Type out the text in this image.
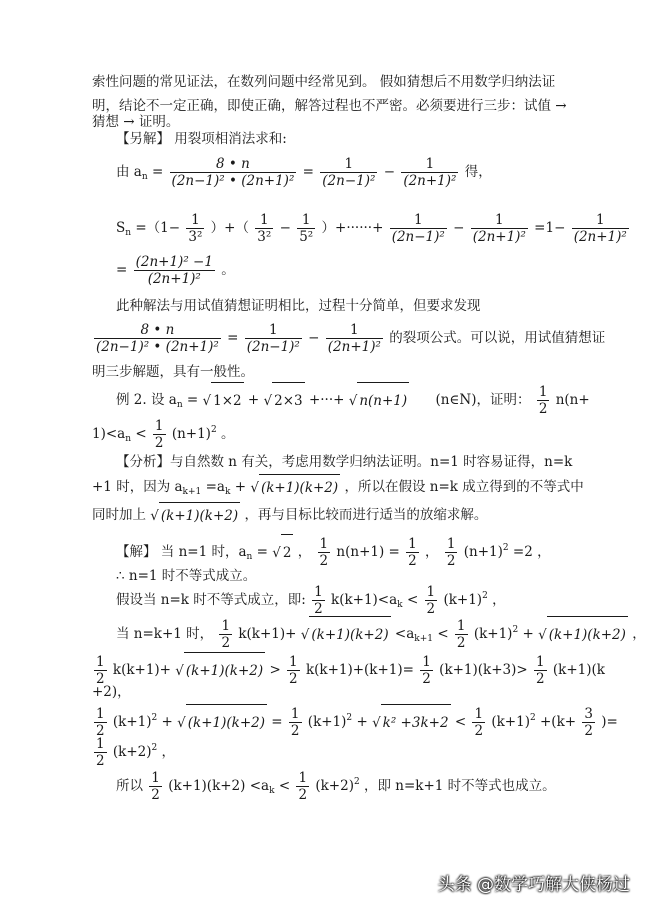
索性问题的常见证法，在数列问题中经常见到。 假如猜想后不用数学归纳法证
明，结论不一定正确，即使正确，解答过程也不严密。必须要进行三步：试值 →
猜想 → 证明。
【另解】 用裂项相消法求和:
由 $a_n = \frac{8 • n}{\text{(2n−1)² • (2n+1)²}} = \frac{1}{\text{(2n−1)²}} - \frac{1}{\text{(2n+1)²}}$ 得，
$S_n =(1- \frac{1}{\text{3²}}$ ）+（ $\frac{1}{\text{3²}} - \frac{1}{\text{5²}}$ ）+······+ $\frac{1}{\text{(2n−1)²}} - \frac{1}{\text{(2n+1)²}} =1- \frac{1}{\text{(2n+1)²}}$
= $\frac{\text{(2n+1)² −1}}{\text{(2n+1)²}}$ 。
此种解法与用试值猜想证明相比，过程十分简单，但要求发现
$\frac{8 • n}{\text{(2n−1)² • (2n+1)²}} = \frac{1}{\text{(2n−1)²}} - \frac{1}{\text{(2n+1)²}}$ 的裂项公式。可以说，用试值猜想证
明三步解题，具有一般性。
例 2. 设 $a_n$ = √ 1×2 + √ 2×3 +···+ √ n(n+1) (n∈N)，证明： $\frac{1}{2} n(n+$
$1)<a_n < \frac{1}{2} (n+1)^2$ 。
【分析】与自然数 n 有关，考虑用数学归纳法证明。n=1 时容易证得，n=k
+1 时，因为 $a_{k+1} =a_k$ + √ (k+1)(k+2) ，所以在假设 n=k 成立得到的不等式中
同时加上 √ (k+1)(k+2) ，再与目标比较而进行适当的放缩求解。
【解】 当 n=1 时，$a_n$ = √ 2 ， $\frac{1}{2} n(n+1) = \frac{1}{2}$ ， $\frac{1}{2} (n+1)^2 =2$ ，
∴ n=1 时不等式成立。
假设当 n=k 时不等式成立，即: $\frac{1}{2} k(k+1)<a_k < \frac{1}{2} (k+1)^2$ ，
当 n=k+1 时， $\frac{1}{2} k(k+1)+$ √ $(k+1)(k+2) <a_{k+1} < \frac{1}{2} (k+1)^2$ + √ (k+1)(k+2) ，
$\frac{1}{2} k(k+1)+$ √ $(k+1)(k+2) > \frac{1}{2} k(k+1)+(k+1)= \frac{1}{2} (k+1)(k+3)> \frac{1}{2} (k+1)(k$
+2)，
$\frac{1}{2} (k+1)^2$ + √ $(k+1)(k+2) = \frac{1}{2} (k+1)^2$ + √ $k^2 +3k+2 < \frac{1}{2} (k+1)^2 +(k+ \frac{3}{2}$ )=
$\frac{1}{2} (k+2)^2$ ，
所以 $\frac{1}{2} (k+1)(k+2) <a_k < \frac{1}{2} (k+2)^2$ ，即 n=k+1 时不等式也成立。
头条 @数学巧解大侠杨过
